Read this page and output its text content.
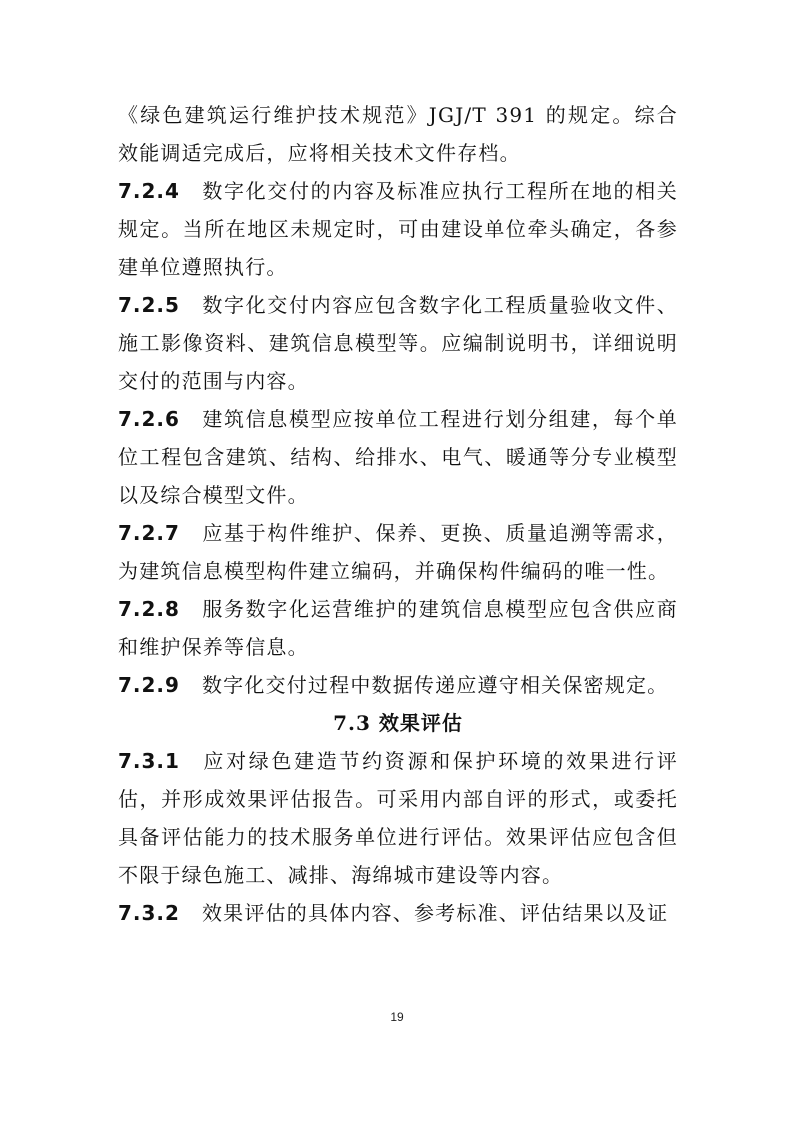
《绿色建筑运行维护技术规范》JGJ/T 391 的规定。综合效能调适完成后，应将相关技术文件存档。

7.2.4 数字化交付的内容及标准应执行工程所在地的相关规定。当所在地区未规定时，可由建设单位牵头确定，各参建单位遵照执行。

7.2.5 数字化交付内容应包含数字化工程质量验收文件、施工影像资料、建筑信息模型等。应编制说明书，详细说明交付的范围与内容。

7.2.6 建筑信息模型应按单位工程进行划分组建，每个单位工程包含建筑、结构、给排水、电气、暖通等分专业模型以及综合模型文件。

7.2.7 应基于构件维护、保养、更换、质量追溯等需求，为建筑信息模型构件建立编码，并确保构件编码的唯一性。

7.2.8 服务数字化运营维护的建筑信息模型应包含供应商和维护保养等信息。

7.2.9 数字化交付过程中数据传递应遵守相关保密规定。

7.3 效果评估

7.3.1 应对绿色建造节约资源和保护环境的效果进行评估，并形成效果评估报告。可采用内部自评的形式，或委托具备评估能力的技术服务单位进行评估。效果评估应包含但不限于绿色施工、减排、海绵城市建设等内容。

7.3.2 效果评估的具体内容、参考标准、评估结果以及证

19
